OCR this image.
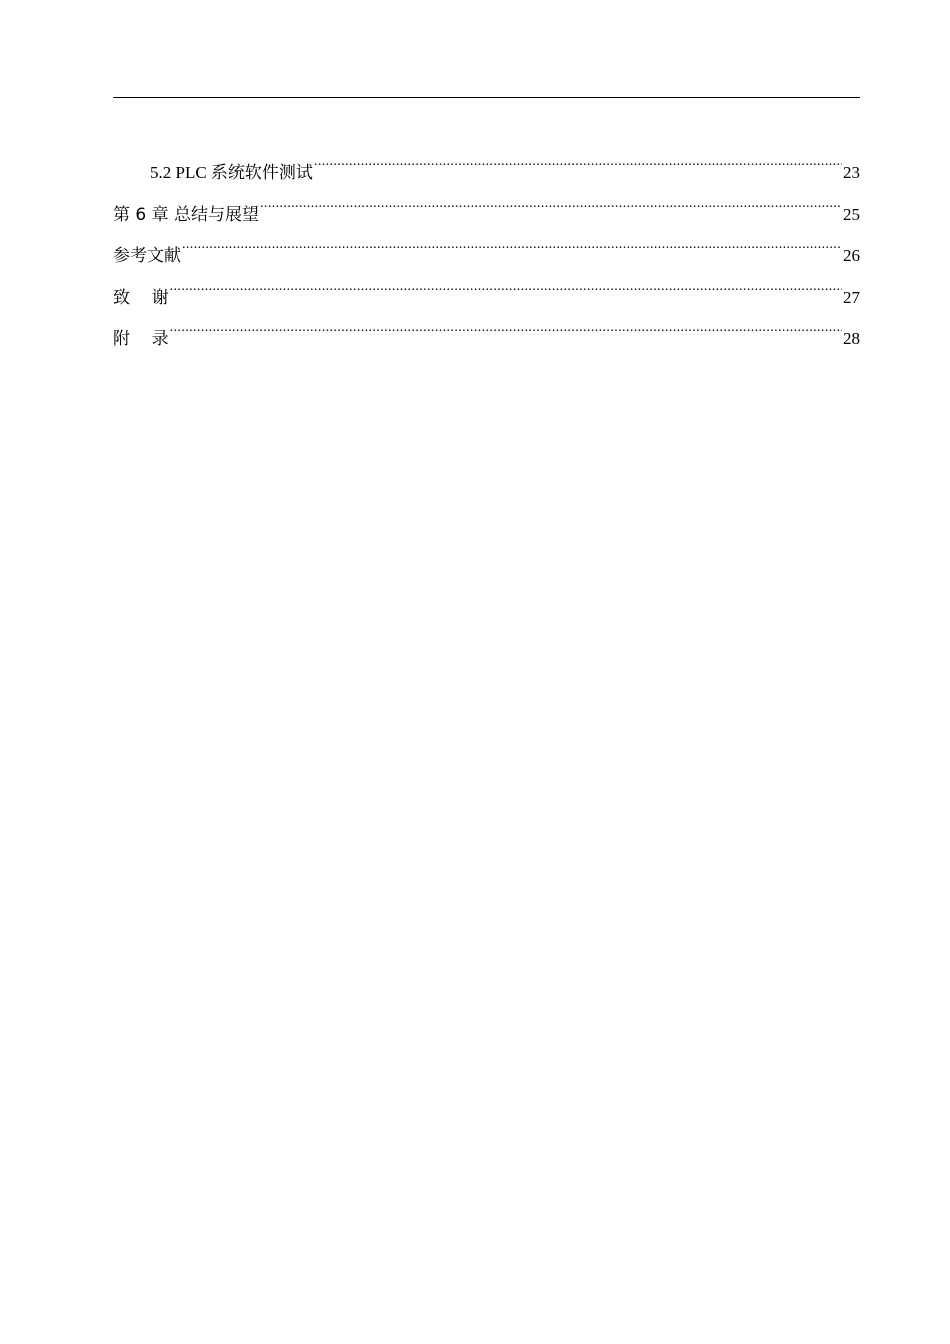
5.2 PLC 系统软件测试 .....	23
第 6 章 总结与展望 .....	25
参考文献 .....	26
致    谢 .....	27
附    录 .....	28
